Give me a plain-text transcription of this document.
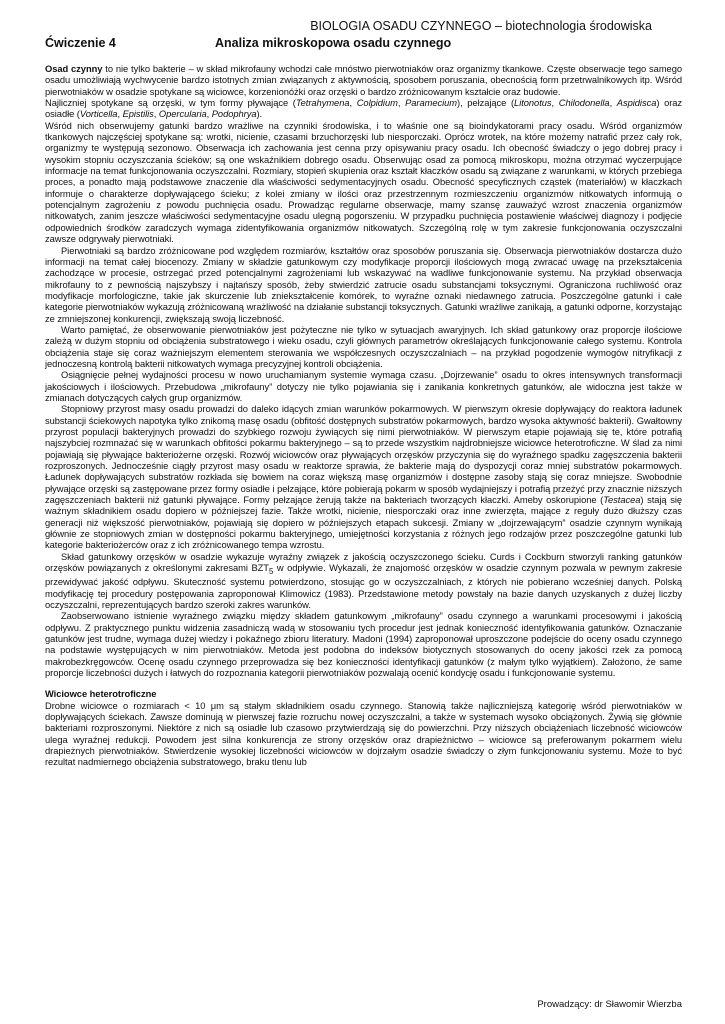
BIOLOGIA OSADU CZYNNEGO – biotechnologia środowiska
Ćwiczenie 4	Analiza mikroskopowa osadu czynnego

Osad czynny to nie tylko bakterie – w skład mikrofauny wchodzi całe mnóstwo pierwotniaków oraz organizmy tkankowe. Częste obserwacje tego samego osadu umożliwiają wychwycenie bardzo istotnych zmian związanych z aktywnością, sposobem poruszania, obecnością form przetrwalnikowych itp. Wśród pierwotniaków w osadzie spotykane są wiciowce, korzenionóżki oraz orzęski o bardzo zróżnicowanym kształcie oraz budowie.

Najliczniej spotykane są orzęski, w tym formy pływające (Tetrahymena, Colpidium, Paramecium), pełzające (Litonotus, Chilodonella, Aspidisca) oraz osiadłe (Vorticella, Epistilis, Opercularia, Podophrya).

Wśród nich obserwujemy gatunki bardzo wrażliwe na czynniki środowiska, i to właśnie one są bioindykatorami pracy osadu. Wśród organizmów tkankowych najczęściej spotykane są: wrotki, nicienie, czasami brzuchorzęski lub niesporczaki. Oprócz wrotek, na które możemy natrafić przez cały rok, organizmy te występują sezonowo. Obserwacja ich zachowania jest cenna przy opisywaniu pracy osadu. Ich obecność świadczy o jego dobrej pracy i wysokim stopniu oczyszczania ścieków; są one wskaźnikiem dobrego osadu. Obserwując osad za pomocą mikroskopu, można otrzymać wyczerpujące informacje na temat funkcjonowania oczyszczalni. Rozmiary, stopień skupienia oraz kształt kłaczków osadu są związane z warunkami, w których przebiega proces, a ponadto mają podstawowe znaczenie dla właściwości sedymentacyjnych osadu. Obecność specyficznych cząstek (materiałów) w kłaczkach informuje o charakterze dopływającego ścieku; z kolei zmiany w ilości oraz przestrzennym rozmieszczeniu organizmów nitkowatych informują o potencjalnym zagrożeniu z powodu puchnięcia osadu. Prowadząc regularne obserwacje, mamy szansę zauważyć wzrost znaczenia organizmów nitkowatych, zanim jeszcze właściwości sedymentacyjne osadu ulegną pogorszeniu. W przypadku puchnięcia postawienie właściwej diagnozy i podjęcie odpowiednich środków zaradczych wymaga zidentyfikowania organizmów nitkowatych. Szczególną rolę w tym zakresie funkcjonowania oczyszczalni zawsze odgrywały pierwotniaki.

Pierwotniaki są bardzo zróżnicowane pod względem rozmiarów, kształtów oraz sposobów poruszania się. Obserwacja pierwotniaków dostarcza dużo informacji na temat całej biocenozy. Zmiany w składzie gatunkowym czy modyfikacje proporcji ilościowych mogą zwracać uwagę na przekształcenia zachodzące w procesie, ostrzegać przed potencjalnymi zagrożeniami lub wskazywać na wadliwe funkcjonowanie systemu. Na przykład obserwacja mikrofauny to z pewnością najszybszy i najtańszy sposób, żeby stwierdzić zatrucie osadu substancjami toksycznymi. Ograniczona ruchliwość oraz modyfikacje morfologiczne, takie jak skurczenie lub zniekształcenie komórek, to wyraźne oznaki niedawnego zatrucia. Poszczególne gatunki i całe kategorie pierwotniaków wykazują zróżnicowaną wrażliwość na działanie substancji toksycznych. Gatunki wrażliwe zanikają, a gatunki odporne, korzystając ze zmniejszonej konkurencji, zwiększają swoją liczebność.

Warto pamiętać, że obserwowanie pierwotniaków jest pożyteczne nie tylko w sytuacjach awaryjnych. Ich skład gatunkowy oraz proporcje ilościowe zależą w dużym stopniu od obciążenia substratowego i wieku osadu, czyli głównych parametrów określających funkcjonowanie całego systemu. Kontrola obciążenia staje się coraz ważniejszym elementem sterowania we współczesnych oczyszczalniach – na przykład pogodzenie wymogów nitryfikacji z jednoczesną kontrolą bakterii nitkowatych wymaga precyzyjnej kontroli obciążenia.

Osiągnięcie pełnej wydajności procesu w nowo uruchamianym systemie wymaga czasu. „Dojrzewanie” osadu to okres intensywnych transformacji jakościowych i ilościowych. Przebudowa „mikrofauny” dotyczy nie tylko pojawiania się i zanikania konkretnych gatunków, ale widoczna jest także w zmianach dotyczących całych grup organizmów.

Stopniowy przyrost masy osadu prowadzi do daleko idących zmian warunków pokarmowych. W pierwszym okresie dopływający do reaktora ładunek substancji ściekowych napotyka tylko znikomą masę osadu (obfitość dostępnych substratów pokarmowych, bardzo wysoka aktywność bakterii). Gwałtowny przyrost populacji bakteryjnych prowadzi do szybkiego rozwoju żywiących się nimi pierwotniaków. W pierwszym etapie pojawiają się te, które potrafią najszybciej rozmnażać się w warunkach obfitości pokarmu bakteryjnego – są to przede wszystkim najdrobniejsze wiciowce heterotroficzne. W ślad za nimi pojawiają się pływające bakteriożerne orzęski. Rozwój wiciowców oraz pływających orzęsków przyczynia się do wyraźnego spadku zagęszczenia bakterii rozproszonych. Jednocześnie ciągły przyrost masy osadu w reaktorze sprawia, że bakterie mają do dyspozycji coraz mniej substratów pokarmowych. Ładunek dopływających substratów rozkłada się bowiem na coraz większą masę organizmów i dostępne zasoby stają się coraz mniejsze. Swobodnie pływające orzęski są zastępowane przez formy osiadłe i pełzające, które pobierają pokarm w sposób wydajniejszy i potrafią przeżyć przy znacznie niższych zagęszczeniach bakterii niż gatunki pływające. Formy pełzające żerują także na bakteriach tworzących kłaczki. Ameby oskorupione (Testacea) stają się ważnym składnikiem osadu dopiero w późniejszej fazie. Także wrotki, nicienie, niesporczaki oraz inne zwierzęta, mające z reguły dużo dłuższy czas generacji niż większość pierwotniaków, pojawiają się dopiero w późniejszych etapach sukcesji. Zmiany w „dojrzewającym” osadzie czynnym wynikają głównie ze stopniowych zmian w dostępności pokarmu bakteryjnego, umiejętności korzystania z różnych jego rodzajów przez poszczególne gatunki lub kategorie bakteriożerców oraz z ich zróżnicowanego tempa wzrostu.

Skład gatunkowy orzęsków w osadzie wykazuje wyraźny związek z jakością oczyszczonego ścieku. Curds i Cockburn stworzyli ranking gatunków orzęsków powiązanych z określonymi zakresami $BZT_5$ w odpływie. Wykazali, że znajomość orzęsków w osadzie czynnym pozwala w pewnym zakresie przewidywać jakość odpływu. Skuteczność systemu potwierdzono, stosując go w oczyszczalniach, z których nie pobierano wcześniej danych. Polską modyfikację tej procedury postępowania zaproponował Klimowicz (1983). Przedstawione metody powstały na bazie danych uzyskanych z dużej liczby oczyszczalni, reprezentujących bardzo szeroki zakres warunków.

Zaobserwowano istnienie wyraźnego związku między składem gatunkowym „mikrofauny” osadu czynnego a warunkami procesowymi i jakością odpływu. Z praktycznego punktu widzenia zasadniczą wadą w stosowaniu tych procedur jest jednak konieczność identyfikowania gatunków. Oznaczanie gatunków jest trudne, wymaga dużej wiedzy i pokaźnego zbioru literatury. Madoni (1994) zaproponował uproszczone podejście do oceny osadu czynnego na podstawie występujących w nim pierwotniaków. Metoda jest podobna do indeksów biotycznych stosowanych do oceny jakości rzek za pomocą makrobezkręgowców. Ocenę osadu czynnego przeprowadza się bez konieczności identyfikacji gatunków (z małym tylko wyjątkiem). Założono, że same proporcje liczebności dużych i łatwych do rozpoznania kategorii pierwotniaków pozwalają ocenić kondycję osadu i funkcjonowanie systemu.

Wiciowce heterotroficzne

Drobne wiciowce o rozmiarach < 10 μm są stałym składnikiem osadu czynnego. Stanowią także najliczniejszą kategorię wśród pierwotniaków w dopływających ściekach. Zawsze dominują w pierwszej fazie rozruchu nowej oczyszczalni, a także w systemach wysoko obciążonych. Żywią się głównie bakteriami rozproszonymi. Niektóre z nich są osiadłe lub czasowo przytwierdzają się do powierzchni. Przy niższych obciążeniach liczebność wiciowców ulega wyraźnej redukcji. Powodem jest silna konkurencja ze strony orzęsków oraz drapieżnictwo – wiciowce są preferowanym pokarmem wielu drapieżnych pierwotniaków. Stwierdzenie wysokiej liczebności wiciowców w dojrzałym osadzie świadczy o złym funkcjonowaniu systemu. Może to być rezultat nadmiernego obciążenia substratowego, braku tlenu lub

Prowadzący: dr Sławomir Wierzba
